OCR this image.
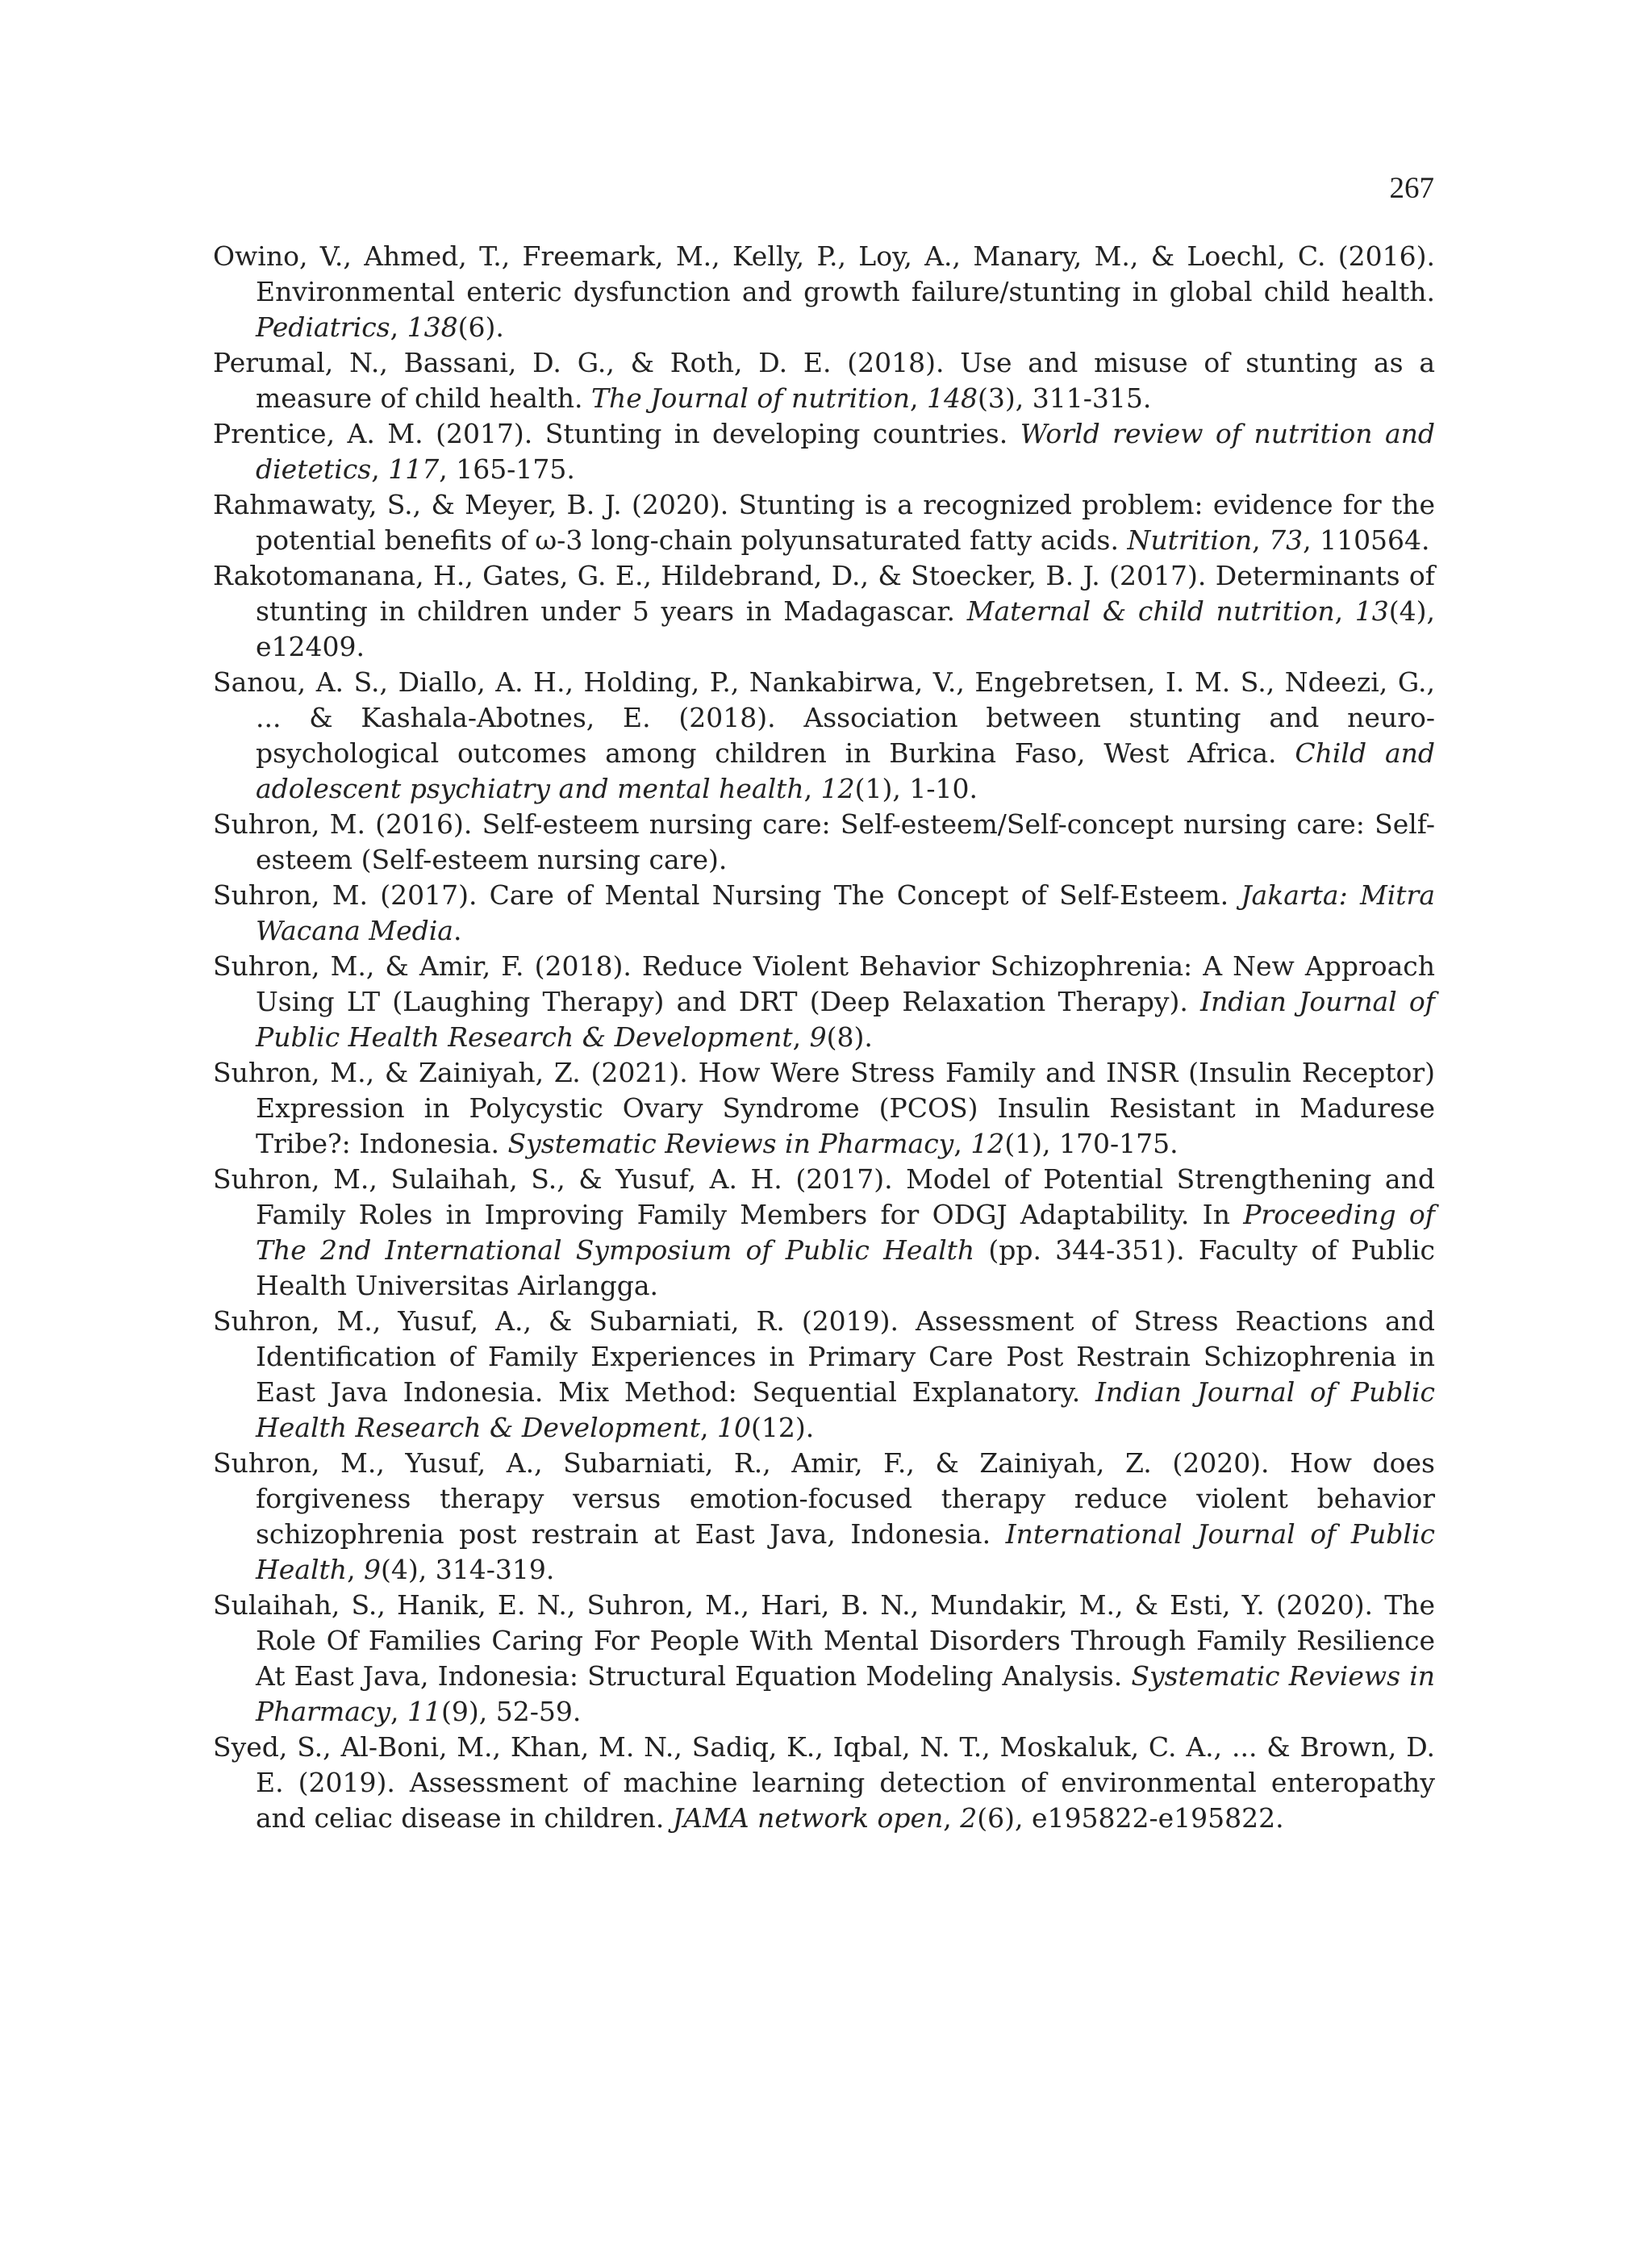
267
Owino, V., Ahmed, T., Freemark, M., Kelly, P., Loy, A., Manary, M., & Loechl, C. (2016). Environmental enteric dysfunction and growth failure/stunting in global child health. Pediatrics, 138(6).
Perumal, N., Bassani, D. G., & Roth, D. E. (2018). Use and misuse of stunting as a measure of child health. The Journal of nutrition, 148(3), 311-315.
Prentice, A. M. (2017). Stunting in developing countries. World review of nutrition and dietetics, 117, 165-175.
Rahmawaty, S., & Meyer, B. J. (2020). Stunting is a recognized problem: evidence for the potential benefits of ω-3 long-chain polyunsaturated fatty acids. Nutrition, 73, 110564.
Rakotomanana, H., Gates, G. E., Hildebrand, D., & Stoecker, B. J. (2017). Determinants of stunting in children under 5 years in Madagascar. Maternal & child nutrition, 13(4), e12409.
Sanou, A. S., Diallo, A. H., Holding, P., Nankabirwa, V., Engebretsen, I. M. S., Ndeezi, G., ... & Kashala-Abotnes, E. (2018). Association between stunting and neuro-psychological outcomes among children in Burkina Faso, West Africa. Child and adolescent psychiatry and mental health, 12(1), 1-10.
Suhron, M. (2016). Self-esteem nursing care: Self-esteem/Self-concept nursing care: Self-esteem (Self-esteem nursing care).
Suhron, M. (2017). Care of Mental Nursing The Concept of Self-Esteem. Jakarta: Mitra Wacana Media.
Suhron, M., & Amir, F. (2018). Reduce Violent Behavior Schizophrenia: A New Approach Using LT (Laughing Therapy) and DRT (Deep Relaxation Therapy). Indian Journal of Public Health Research & Development, 9(8).
Suhron, M., & Zainiyah, Z. (2021). How Were Stress Family and INSR (Insulin Receptor) Expression in Polycystic Ovary Syndrome (PCOS) Insulin Resistant in Madurese Tribe?: Indonesia. Systematic Reviews in Pharmacy, 12(1), 170-175.
Suhron, M., Sulaihah, S., & Yusuf, A. H. (2017). Model of Potential Strengthening and Family Roles in Improving Family Members for ODGJ Adaptability. In Proceeding of The 2nd International Symposium of Public Health (pp. 344-351). Faculty of Public Health Universitas Airlangga.
Suhron, M., Yusuf, A., & Subarniati, R. (2019). Assessment of Stress Reactions and Identification of Family Experiences in Primary Care Post Restrain Schizophrenia in East Java Indonesia. Mix Method: Sequential Explanatory. Indian Journal of Public Health Research & Development, 10(12).
Suhron, M., Yusuf, A., Subarniati, R., Amir, F., & Zainiyah, Z. (2020). How does forgiveness therapy versus emotion-focused therapy reduce violent behavior schizophrenia post restrain at East Java, Indonesia. International Journal of Public Health, 9(4), 314-319.
Sulaihah, S., Hanik, E. N., Suhron, M., Hari, B. N., Mundakir, M., & Esti, Y. (2020). The Role Of Families Caring For People With Mental Disorders Through Family Resilience At East Java, Indonesia: Structural Equation Modeling Analysis. Systematic Reviews in Pharmacy, 11(9), 52-59.
Syed, S., Al-Boni, M., Khan, M. N., Sadiq, K., Iqbal, N. T., Moskaluk, C. A., ... & Brown, D. E. (2019). Assessment of machine learning detection of environmental enteropathy and celiac disease in children. JAMA network open, 2(6), e195822-e195822.
